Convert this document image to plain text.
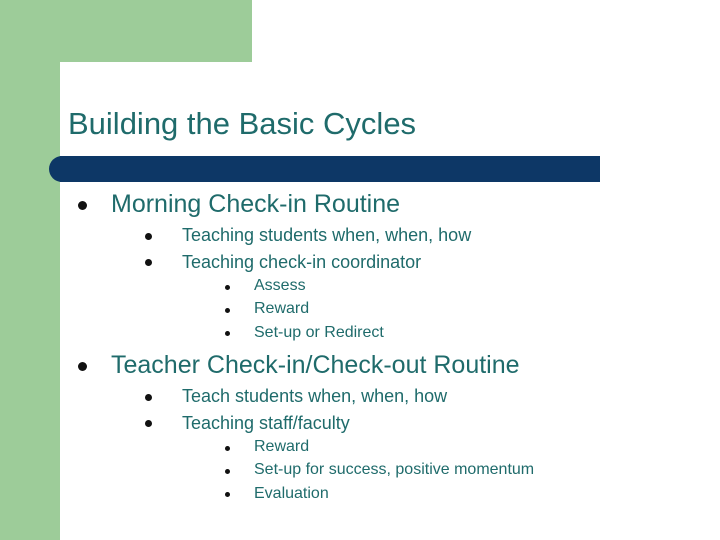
Building the Basic Cycles
Morning Check-in Routine
Teaching students when, when, how
Teaching check-in coordinator
Assess
Reward
Set-up or Redirect
Teacher Check-in/Check-out Routine
Teach students when, when, how
Teaching staff/faculty
Reward
Set-up for success, positive momentum
Evaluation
